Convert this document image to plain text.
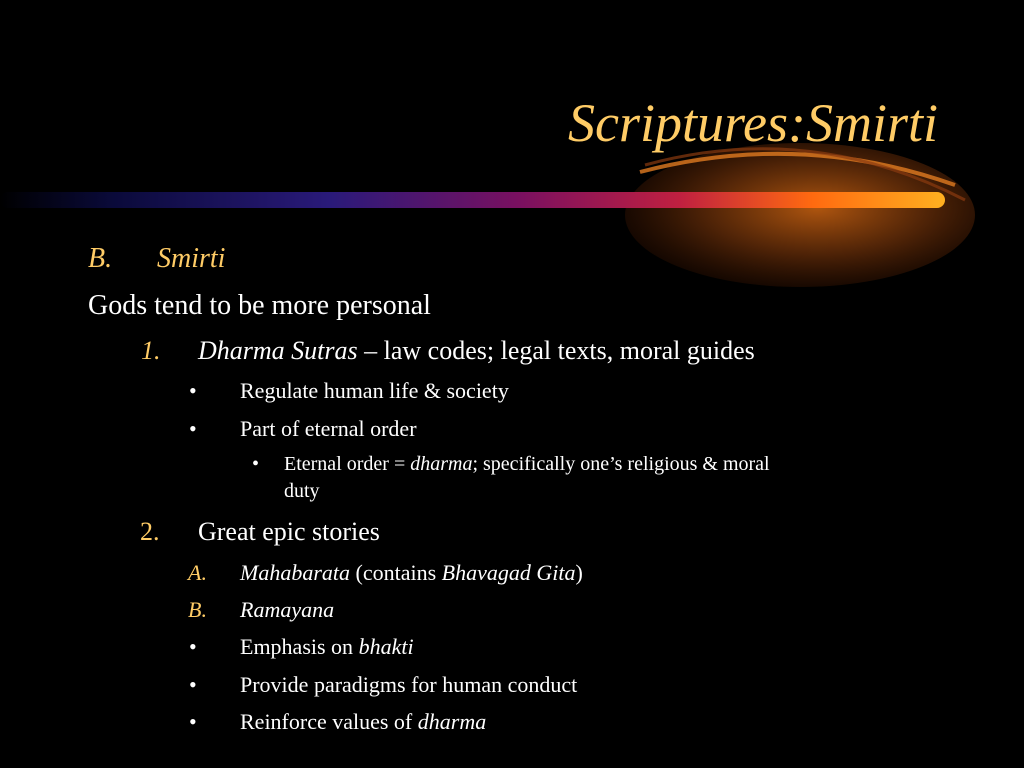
Scriptures:Smirti
B. Smirti
Gods tend to be more personal
1. Dharma Sutras – law codes; legal texts, moral guides
• Regulate human life & society
• Part of eternal order
• Eternal order = dharma; specifically one’s religious & moral
duty
2. Great epic stories
A. Mahabarata (contains Bhavagad Gita)
B. Ramayana
• Emphasis on bhakti
• Provide paradigms for human conduct
• Reinforce values of dharma
